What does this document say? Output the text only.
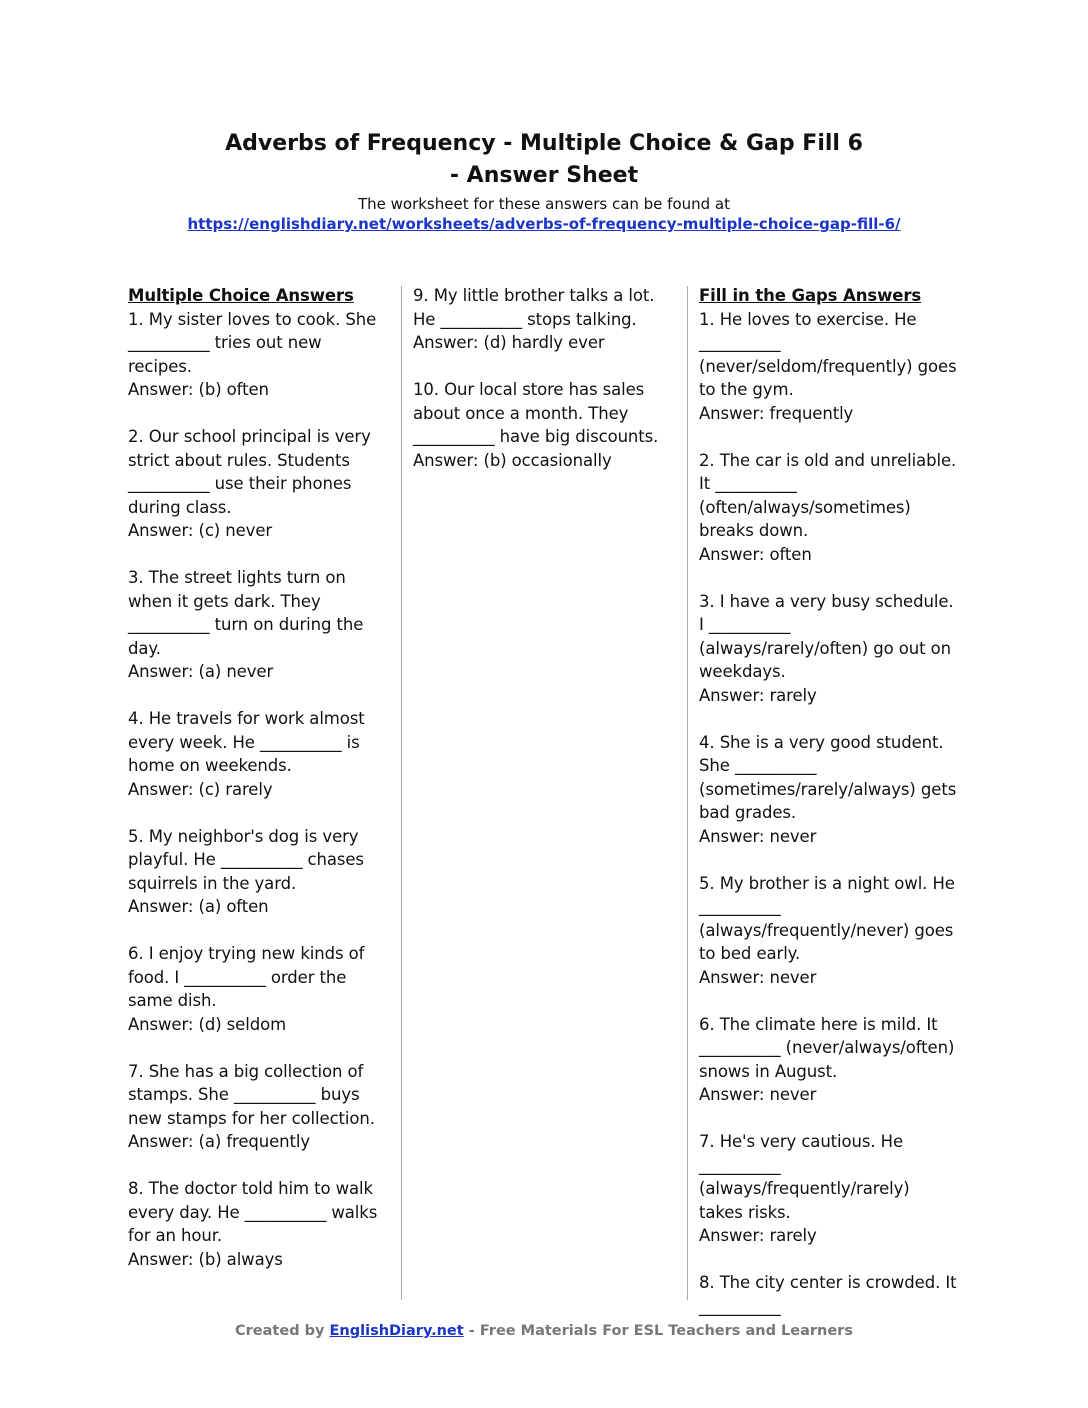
Adverbs of Frequency - Multiple Choice & Gap Fill 6
- Answer Sheet
The worksheet for these answers can be found at
https://englishdiary.net/worksheets/adverbs-of-frequency-multiple-choice-gap-fill-6/
Multiple Choice Answers
1. My sister loves to cook. She __________ tries out new recipes.
Answer: (b) often
2. Our school principal is very strict about rules. Students __________ use their phones during class.
Answer: (c) never
3. The street lights turn on when it gets dark. They __________ turn on during the day.
Answer: (a) never
4. He travels for work almost every week. He __________ is home on weekends.
Answer: (c) rarely
5. My neighbor's dog is very playful. He __________ chases squirrels in the yard.
Answer: (a) often
6. I enjoy trying new kinds of food. I __________ order the same dish.
Answer: (d) seldom
7. She has a big collection of stamps. She __________ buys new stamps for her collection.
Answer: (a) frequently
8. The doctor told him to walk every day. He __________ walks for an hour.
Answer: (b) always
9. My little brother talks a lot. He __________ stops talking.
Answer: (d) hardly ever
10. Our local store has sales about once a month. They __________ have big discounts.
Answer: (b) occasionally
Fill in the Gaps Answers
1. He loves to exercise. He __________ (never/seldom/frequently) goes to the gym.
Answer: frequently
2. The car is old and unreliable. It __________ (often/always/sometimes) breaks down.
Answer: often
3. I have a very busy schedule. I __________ (always/rarely/often) go out on weekdays.
Answer: rarely
4. She is a very good student. She __________ (sometimes/rarely/always) gets bad grades.
Answer: never
5. My brother is a night owl. He __________ (always/frequently/never) goes to bed early.
Answer: never
6. The climate here is mild. It __________ (never/always/often) snows in August.
Answer: never
7. He's very cautious. He __________ (always/frequently/rarely) takes risks.
Answer: rarely
8. The city center is crowded. It __________
Created by EnglishDiary.net - Free Materials For ESL Teachers and Learners
